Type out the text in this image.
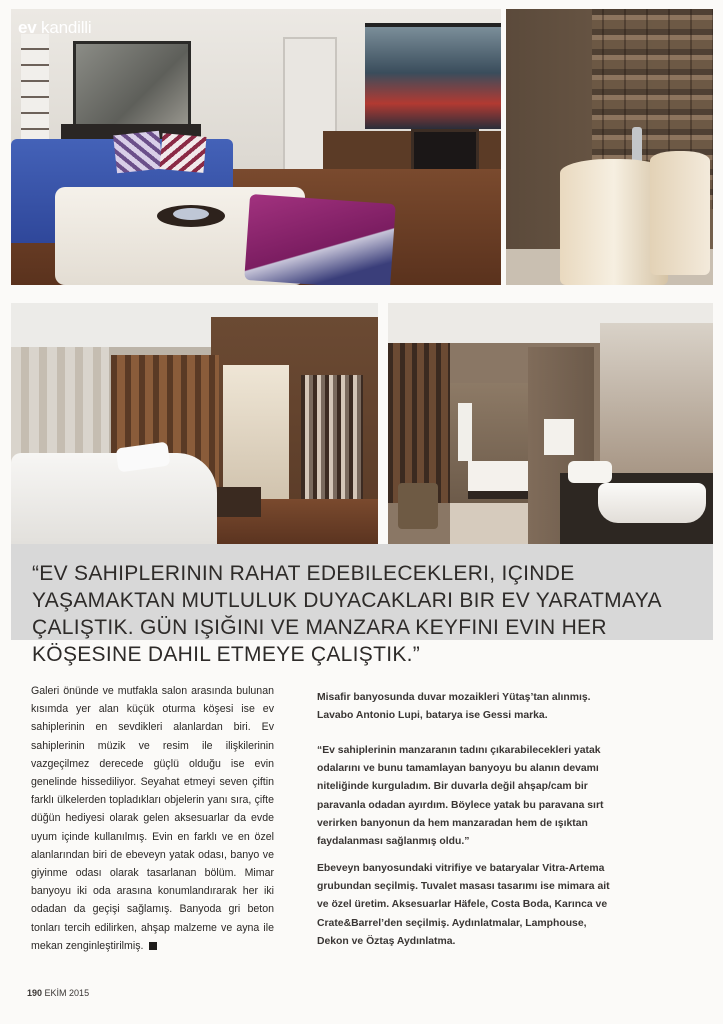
ev kandilli

“EV SAHIPLERININ RAHAT EDEBILECEKLERI, IÇINDE YAŞAMAKTAN MUTLULUK DUYACAKLARI BIR EV YARATMAYA ÇALIŞTIK. GÜN IŞIĞINI VE MANZARA KEYFINI EVIN HER KÖŞESINE DAHIL ETMEYE ÇALIŞTIK.”

Galeri önünde ve mutfakla salon arasında bulunan kısımda yer alan küçük oturma köşesi ise ev sahiplerinin en sevdikleri alanlardan biri. Ev sahiplerinin müzik ve resim ile ilişkilerinin vazgeçilmez derecede güçlü olduğu ise evin genelinde hissediliyor. Seyahat etmeyi seven çiftin farklı ülkelerden topladıkları objelerin yanı sıra, çifte düğün hediyesi olarak gelen aksesuarlar da evde uyum içinde kullanılmış. Evin en farklı ve en özel alanlarından biri de ebeveyn yatak odası, banyo ve giyinme odası olarak tasarlanan bölüm. Mimar banyoyu iki oda arasına konumlandırarak her iki odadan da geçişi sağlamış. Banyoda gri beton tonları tercih edilirken, ahşap malzeme ve ayna ile mekan zenginleştirilmiş.

Misafir banyosunda duvar mozaikleri Yütaş’tan alınmış. Lavabo Antonio Lupi, batarya ise Gessi marka.

“Ev sahiplerinin manzaranın tadını çıkarabilecekleri yatak odalarını ve bunu tamamlayan banyoyu bu alanın devamı niteliğinde kurguladım. Bir duvarla değil ahşap/cam bir paravanla odadan ayırdım. Böylece yatak bu paravana sırt verirken banyonun da hem manzaradan hem de ışıktan faydalanması sağlanmış oldu.”

Ebeveyn banyosundaki vitrifiye ve bataryalar Vitra-Artema grubundan seçilmiş. Tuvalet masası tasarımı ise mimara ait ve özel üretim. Aksesuarlar Häfele, Costa Boda, Karınca ve Crate&Barrel’den seçilmiş. Aydınlatmalar, Lamphouse, Dekon ve Öztaş Aydınlatma.

190 EKİM 2015
